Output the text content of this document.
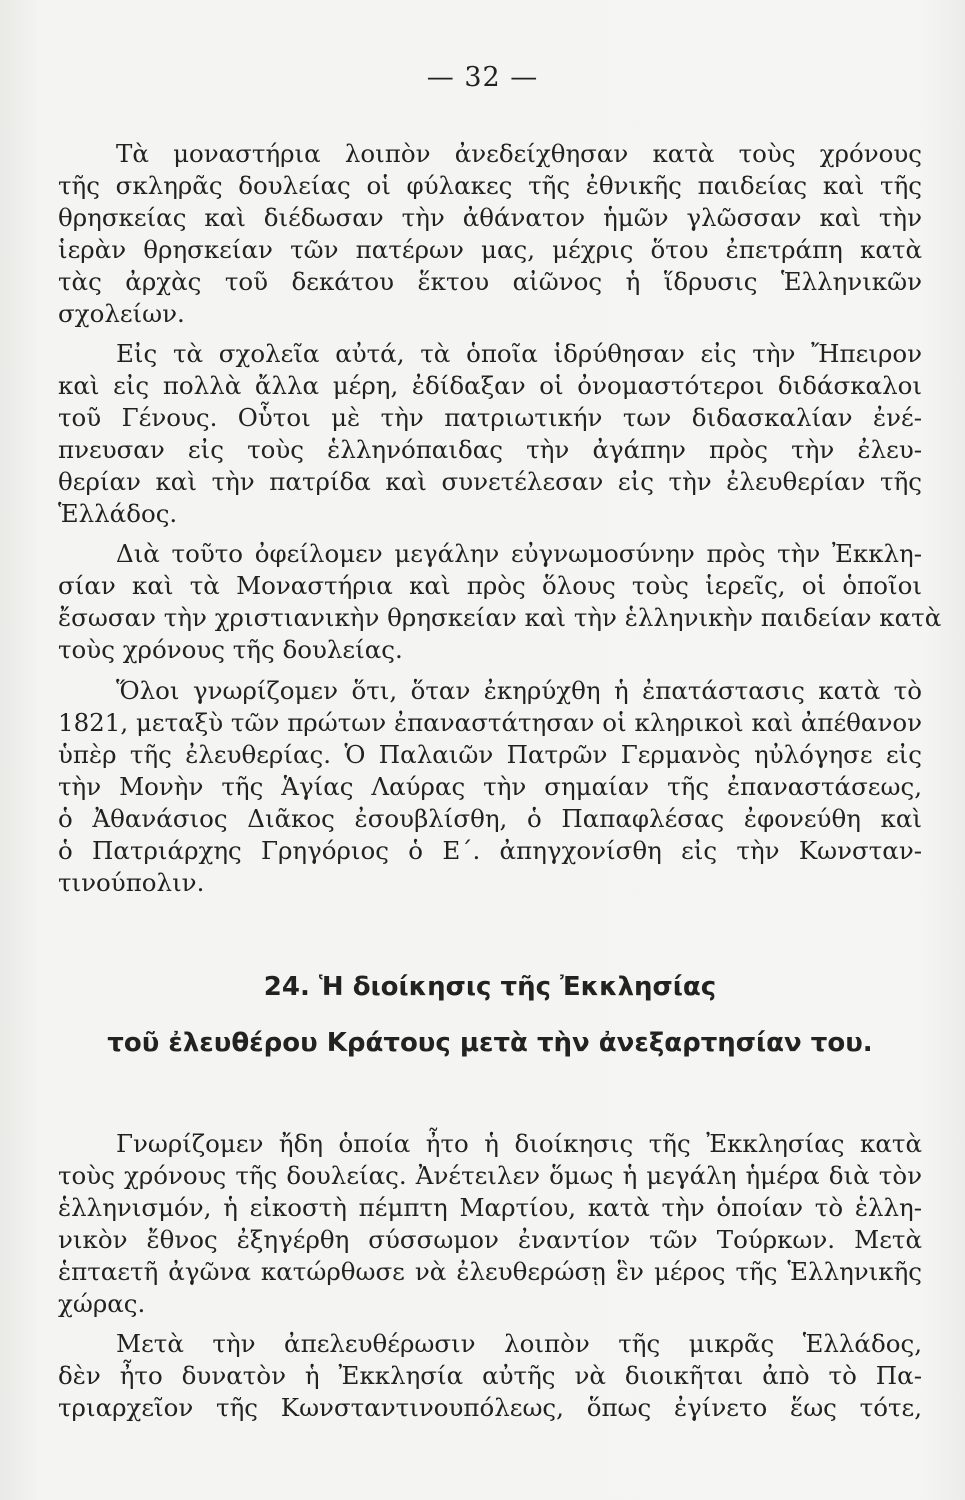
— 32 —
Τὰ μοναστήρια λοιπὸν ἀνεδείχθησαν κατὰ τοὺς χρόνους
τῆς σκληρᾶς δουλείας οἱ φύλακες τῆς ἐθνικῆς παιδείας καὶ τῆς
θρησκείας καὶ διέδωσαν τὴν ἀθάνατον ἡμῶν γλῶσσαν καὶ τὴν
ἱερὰν θρησκείαν τῶν πατέρων μας, μέχρις ὅτου ἐπετράπη κατὰ
τὰς ἀρχὰς τοῦ δεκάτου ἕκτου αἰῶνος ἡ ἵδρυσις Ἑλληνικῶν
σχολείων.
Εἰς τὰ σχολεῖα αὐτά, τὰ ὁποῖα ἱδρύθησαν εἰς τὴν Ἤπειρον
καὶ εἰς πολλὰ ἄλλα μέρη, ἐδίδαξαν οἱ ὀνομαστότεροι διδάσκαλοι
τοῦ Γένους. Οὗτοι μὲ τὴν πατριωτικήν των διδασκαλίαν ἐνέ-
πνευσαν εἰς τοὺς ἑλληνόπαιδας τὴν ἀγάπην πρὸς τὴν ἐλευ-
θερίαν καὶ τὴν πατρίδα καὶ συνετέλεσαν εἰς τὴν ἐλευθερίαν τῆς
Ἑλλάδος.
Διὰ τοῦτο ὀφείλομεν μεγάλην εὐγνωμοσύνην πρὸς τὴν Ἐκκλη-
σίαν καὶ τὰ Μοναστήρια καὶ πρὸς ὅλους τοὺς ἱερεῖς, οἱ ὁποῖοι
ἔσωσαν τὴν χριστιανικὴν θρησκείαν καὶ τὴν ἑλληνικὴν παιδείαν κατὰ
τοὺς χρόνους τῆς δουλείας.
Ὅλοι γνωρίζομεν ὅτι, ὅταν ἐκηρύχθη ἡ ἐπατάστασις κατὰ τὸ
1821, μεταξὺ τῶν πρώτων ἐπαναστάτησαν οἱ κληρικοὶ καὶ ἀπέθανον
ὑπὲρ τῆς ἐλευθερίας. Ὁ Παλαιῶν Πατρῶν Γερμανὸς ηὐλόγησε εἰς
τὴν Μονὴν τῆς Ἁγίας Λαύρας τὴν σημαίαν τῆς ἐπαναστάσεως,
ὁ Ἀθανάσιος Διᾶκος ἐσουβλίσθη, ὁ Παπαφλέσας ἐφονεύθη καὶ
ὁ Πατριάρχης Γρηγόριος ὁ Ε΄. ἀπηγχονίσθη εἰς τὴν Κωνσταν-
τινούπολιν.
24. Ἡ διοίκησις τῆς Ἐκκλησίας
τοῦ ἐλευθέρου Κράτους μετὰ τὴν ἀνεξαρτησίαν του.
Γνωρίζομεν ἤδη ὁποία ἦτο ἡ διοίκησις τῆς Ἐκκλησίας κατὰ
τοὺς χρόνους τῆς δουλείας. Ἀνέτειλεν ὅμως ἡ μεγάλη ἡμέρα διὰ τὸν
ἑλληνισμόν, ἡ εἰκοστὴ πέμπτη Μαρτίου, κατὰ τὴν ὁποίαν τὸ ἑλλη-
νικὸν ἔθνος ἐξηγέρθη σύσσωμον ἐναντίον τῶν Τούρκων. Μετὰ
ἑπταετῆ ἀγῶνα κατώρθωσε νὰ ἐλευθερώσῃ ἓν μέρος τῆς Ἑλληνικῆς
χώρας.
Μετὰ τὴν ἀπελευθέρωσιν λοιπὸν τῆς μικρᾶς Ἑλλάδος,
δὲν ἦτο δυνατὸν ἡ Ἐκκλησία αὐτῆς νὰ διοικῆται ἀπὸ τὸ Πα-
τριαρχεῖον τῆς Κωνσταντινουπόλεως, ὅπως ἐγίνετο ἕως τότε,
